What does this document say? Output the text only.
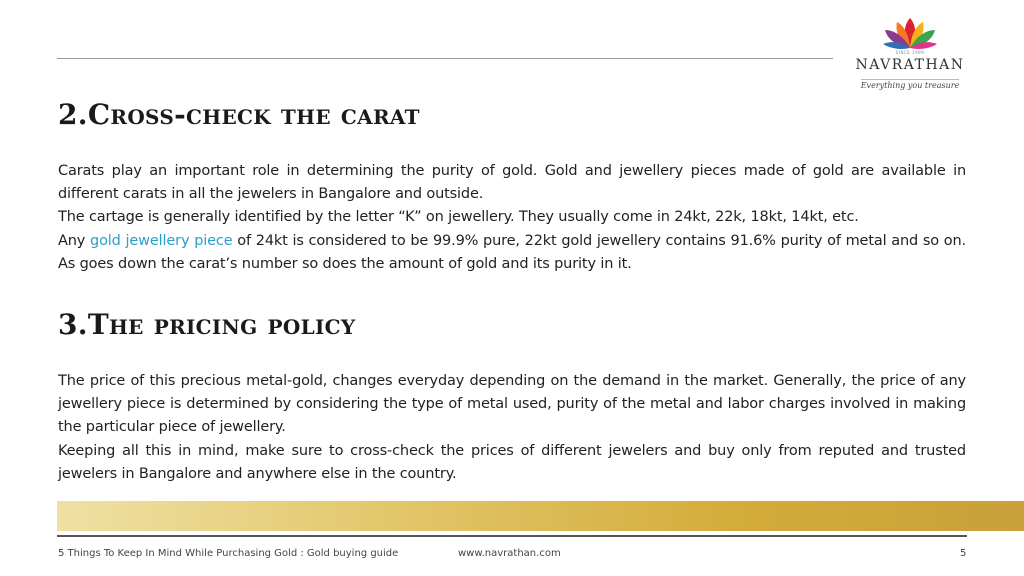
SINCE 1999
NAVRATHAN
Everything you treasure
2.Cross-check the carat

Carats play an important role in determining the purity of gold. Gold and jewellery pieces made of gold are available in different carats in all the jewelers in Bangalore and outside.
The cartage is generally identified by the letter “K” on jewellery. They usually come in 24kt, 22k, 18kt, 14kt, etc.
Any gold jewellery piece of 24kt is considered to be 99.9% pure, 22kt gold jewellery contains 91.6% purity of metal and so on. As goes down the carat’s number so does the amount of gold and its purity in it.

3.The pricing policy

The price of this precious metal-gold, changes everyday depending on the demand in the market. Generally, the price of any jewellery piece is determined by considering the type of metal used, purity of the metal and labor charges involved in making the particular piece of jewellery.
Keeping all this in mind, make sure to cross-check the prices of different jewelers and buy only from reputed and trusted jewelers in Bangalore and anywhere else in the country.

5 Things To Keep In Mind While Purchasing Gold : Gold buying guide	www.navrathan.com	5
